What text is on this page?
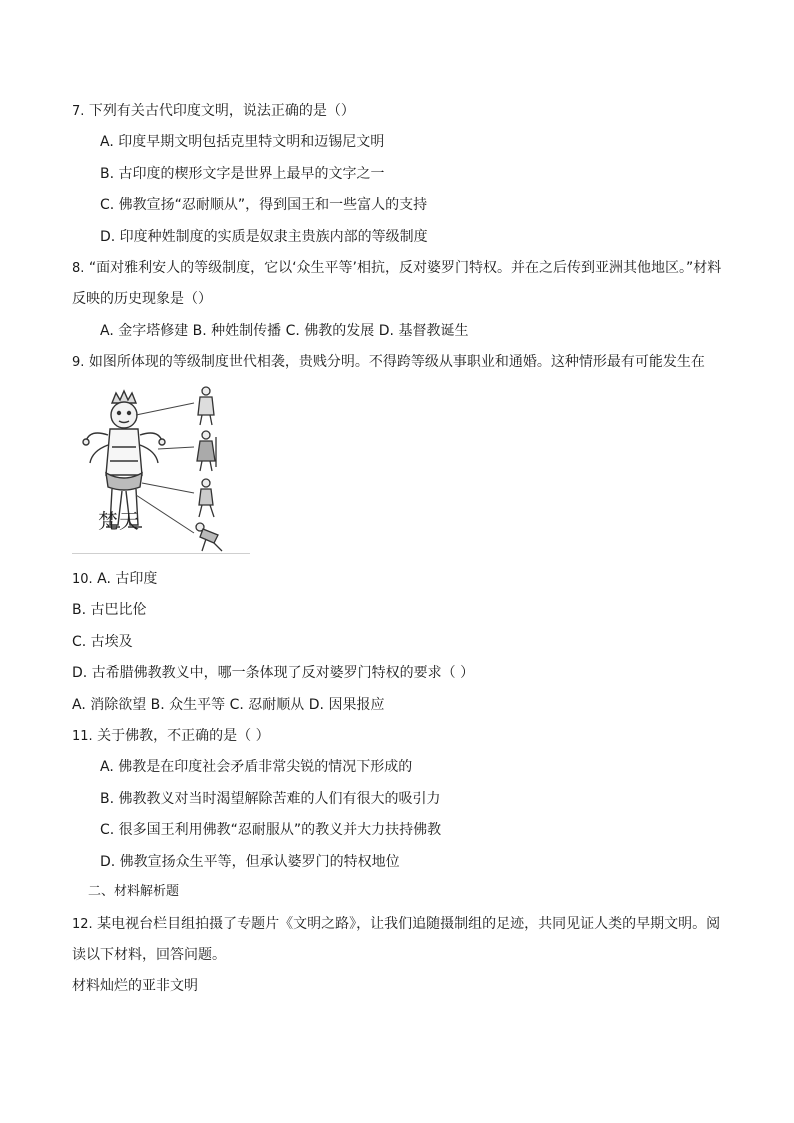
7. 下列有关古代印度文明，说法正确的是（）
A. 印度早期文明包括克里特文明和迈锡尼文明
B. 古印度的楔形文字是世界上最早的文字之一
C. 佛教宣扬“忍耐顺从”，得到国王和一些富人的支持
D. 印度种姓制度的实质是奴隶主贵族内部的等级制度
8. “面对雅利安人的等级制度，它以‘众生平等’相抗，反对婆罗门特权。并在之后传到亚洲其他地区。”材料
反映的历史现象是（）
A. 金字塔修建 B. 种姓制传播 C. 佛教的发展 D. 基督教诞生
9. 如图所体现的等级制度世代相袭，贵贱分明。不得跨等级从事职业和通婚。这种情形最有可能发生在
梵天
10. A. 古印度
B. 古巴比伦
C. 古埃及
D. 古希腊佛教教义中，哪一条体现了反对婆罗门特权的要求（ ）
A. 消除欲望 B. 众生平等 C. 忍耐顺从 D. 因果报应
11. 关于佛教，不正确的是（ ）
A. 佛教是在印度社会矛盾非常尖锐的情况下形成的
B. 佛教教义对当时渴望解除苦难的人们有很大的吸引力
C. 很多国王利用佛教“忍耐服从”的教义并大力扶持佛教
D. 佛教宣扬众生平等，但承认婆罗门的特权地位
二、材料解析题
12. 某电视台栏目组拍摄了专题片《文明之路》，让我们追随摄制组的足迹，共同见证人类的早期文明。阅
读以下材料，回答问题。
材料灿烂的亚非文明
